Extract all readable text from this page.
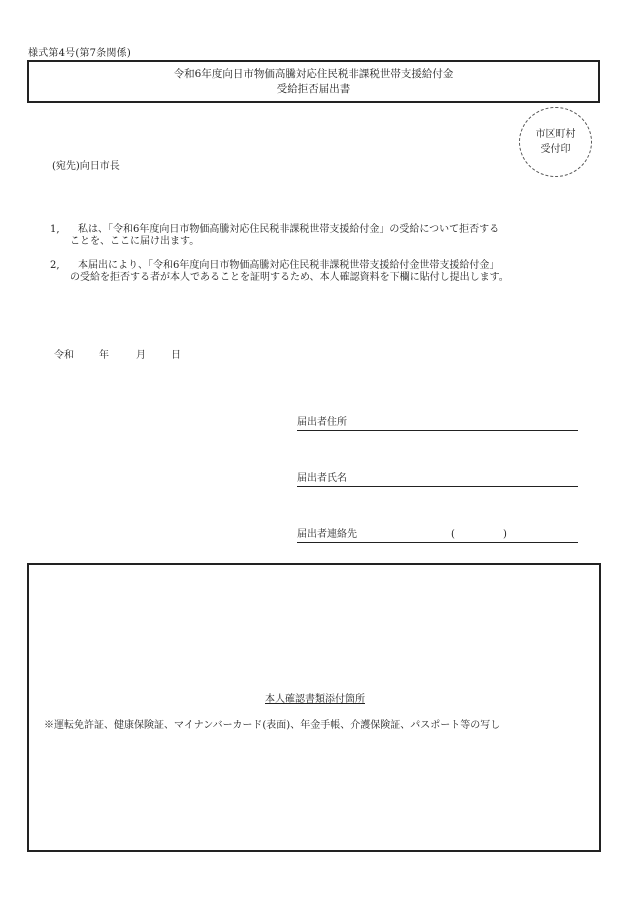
様式第4号(第7条関係)
令和6年度向日市物価高騰対応住民税非課税世帯支援給付金
受給拒否届出書
市区町村
受付印
(宛先)向日市長
1,	私は、「令和6年度向日市物価高騰対応住民税非課税世帯支援給付金」の受給について拒否する
ことを、ここに届け出ます。
2,	本届出により、「令和6年度向日市物価高騰対応住民税非課税世帯支援給付金世帯支援給付金」
の受給を拒否する者が本人であることを証明するため、本人確認資料を下欄に貼付し提出します。
令和	年	月	日
届出者住所
届出者氏名
届出者連絡先	(	)
本人確認書類添付箇所
※運転免許証、健康保険証、マイナンバーカード(表面)、年金手帳、介護保険証、パスポート等の写し
